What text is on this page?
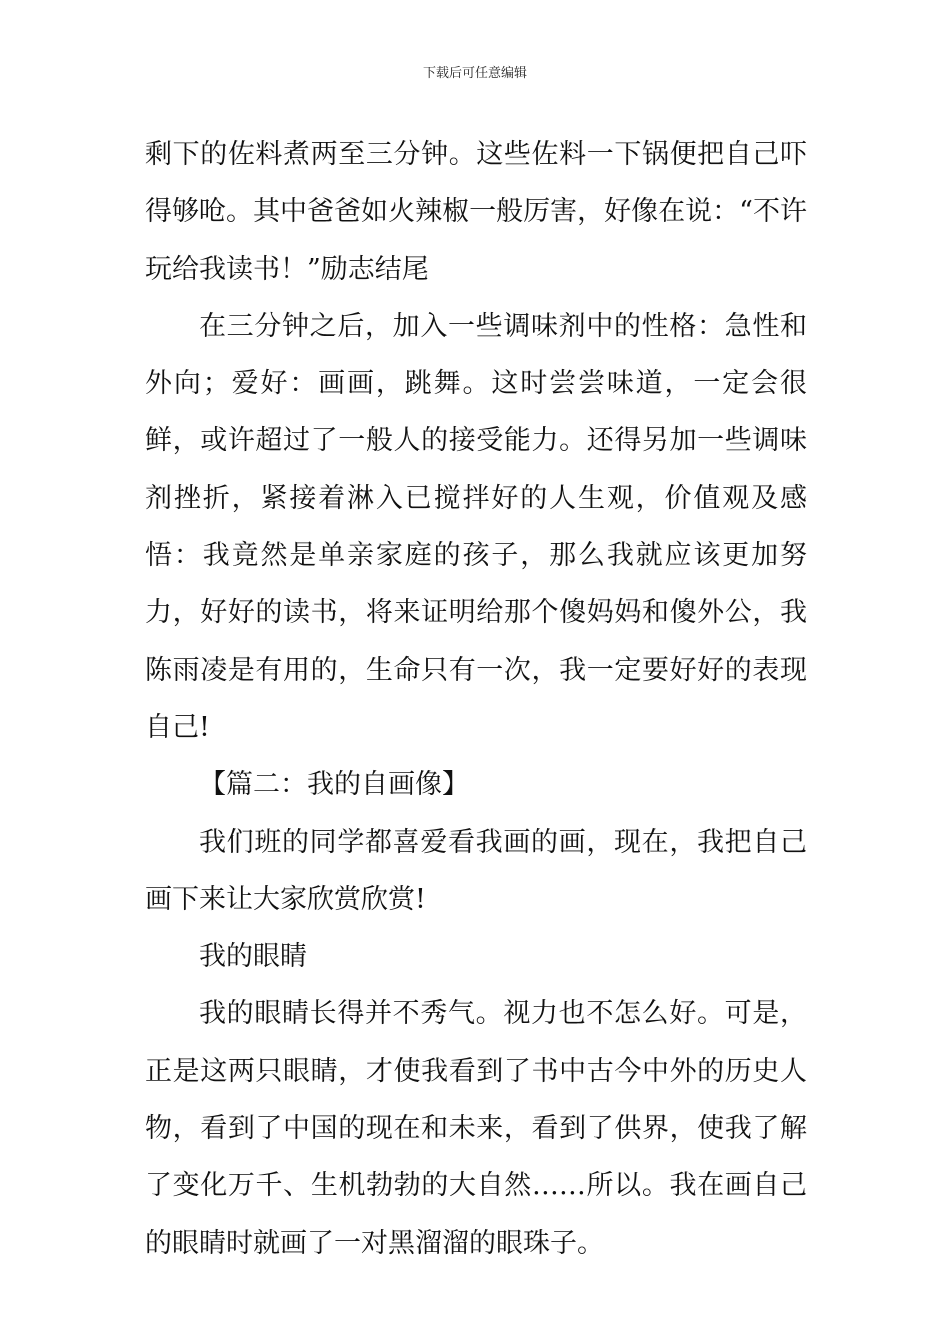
下载后可任意编辑

剩下的佐料煮两至三分钟。这些佐料一下锅便把自己吓得够呛。其中爸爸如火辣椒一般厉害，好像在说：“不许玩给我读书！”励志结尾

在三分钟之后，加入一些调味剂中的性格：急性和外向；爱好：画画，跳舞。这时尝尝味道，一定会很鲜，或许超过了一般人的接受能力。还得另加一些调味剂挫折，紧接着淋入已搅拌好的人生观，价值观及感悟：我竟然是单亲家庭的孩子，那么我就应该更加努力，好好的读书，将来证明给那个傻妈妈和傻外公，我陈雨凌是有用的，生命只有一次，我一定要好好的表现自己!

【篇二：我的自画像】

我们班的同学都喜爱看我画的画，现在，我把自己画下来让大家欣赏欣赏!

我的眼睛

我的眼睛长得并不秀气。视力也不怎么好。可是，正是这两只眼睛，才使我看到了书中古今中外的历史人物，看到了中国的现在和未来，看到了供界，使我了解了变化万千、生机勃勃的大自然……所以。我在画自己的眼睛时就画了一对黑溜溜的眼珠子。
